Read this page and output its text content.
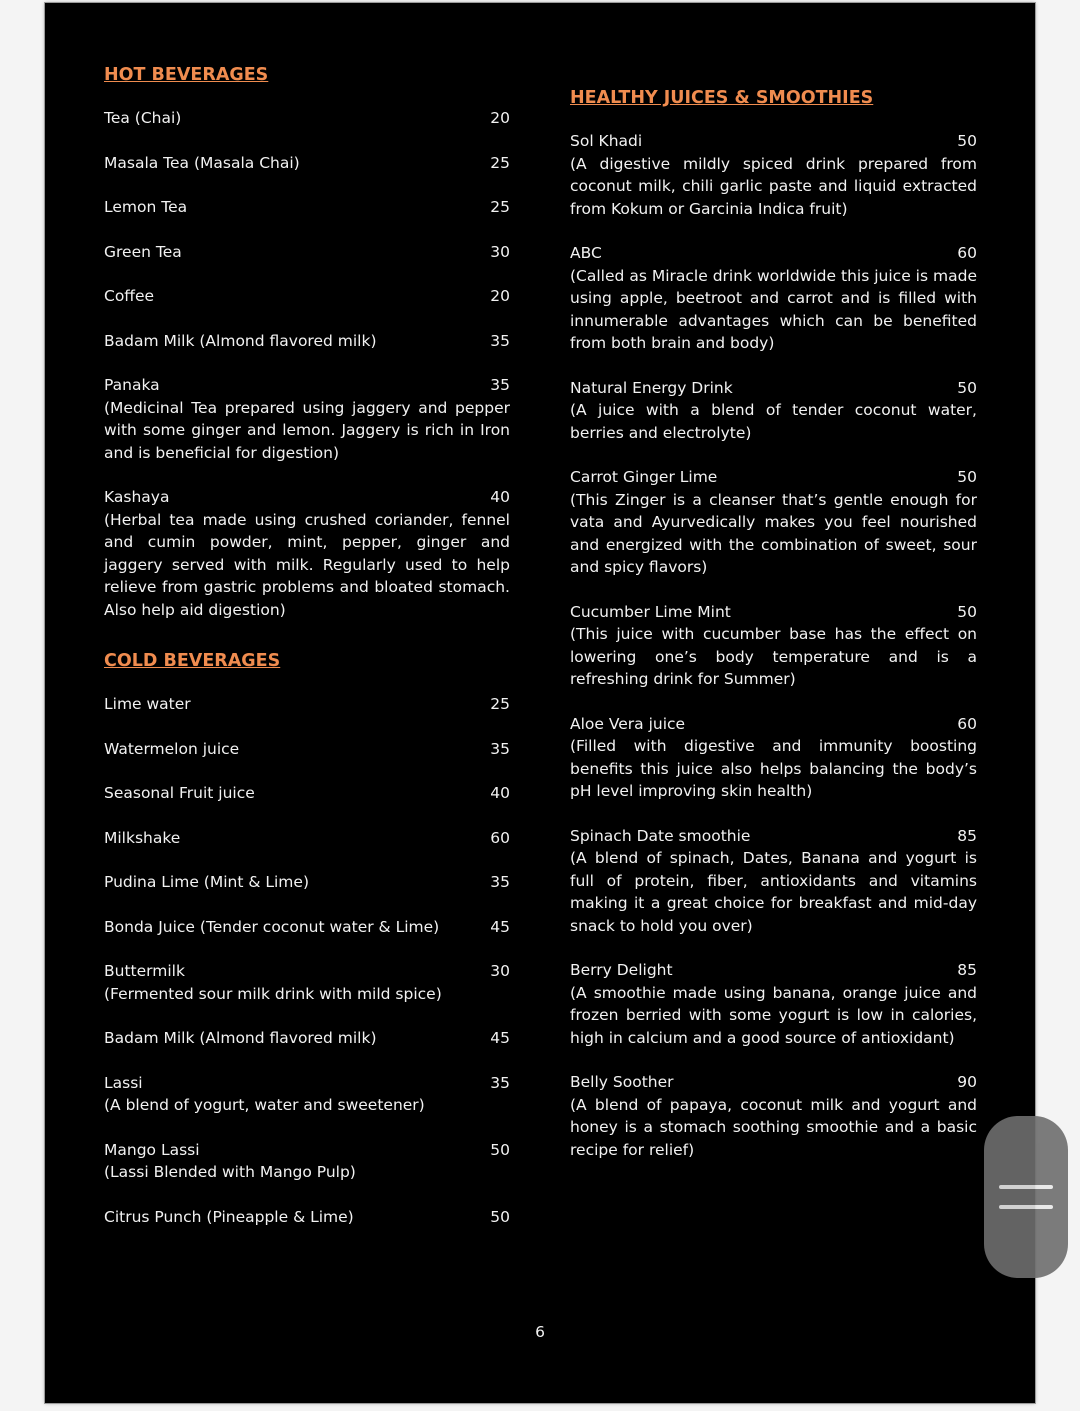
HOT BEVERAGES
Tea (Chai)	20
Masala Tea (Masala Chai)	25
Lemon Tea	25
Green Tea	30
Coffee	20
Badam Milk (Almond flavored milk)	35
Panaka	35
(Medicinal Tea prepared using jaggery and pepper with some ginger and lemon. Jaggery is rich in Iron and is beneficial for digestion)
Kashaya	40
(Herbal tea made using crushed coriander, fennel and cumin powder, mint, pepper, ginger and jaggery served with milk. Regularly used to help relieve from gastric problems and bloated stomach. Also help aid digestion)
COLD BEVERAGES
Lime water	25
Watermelon juice	35
Seasonal Fruit juice	40
Milkshake	60
Pudina Lime (Mint & Lime)	35
Bonda Juice (Tender coconut water & Lime)	45
Buttermilk	30
(Fermented sour milk drink with mild spice)
Badam Milk (Almond flavored milk)	45
Lassi	35
(A blend of yogurt, water and sweetener)
Mango Lassi	50
(Lassi Blended with Mango Pulp)
Citrus Punch (Pineapple & Lime)	50
HEALTHY JUICES & SMOOTHIES
Sol Khadi	50
(A digestive mildly spiced drink prepared from coconut milk, chili garlic paste and liquid extracted from Kokum or Garcinia Indica fruit)
ABC	60
(Called as Miracle drink worldwide this juice is made using apple, beetroot and carrot and is filled with innumerable advantages which can be benefited from both brain and body)
Natural Energy Drink	50
(A juice with a blend of tender coconut water, berries and electrolyte)
Carrot Ginger Lime	50
(This Zinger is a cleanser that’s gentle enough for vata and Ayurvedically makes you feel nourished and energized with the combination of sweet, sour and spicy flavors)
Cucumber Lime Mint	50
(This juice with cucumber base has the effect on lowering one’s body temperature and is a refreshing drink for Summer)
Aloe Vera juice	60
(Filled with digestive and immunity boosting benefits this juice also helps balancing the body’s pH level improving skin health)
Spinach Date smoothie	85
(A blend of spinach, Dates, Banana and yogurt is full of protein, fiber, antioxidants and vitamins making it a great choice for breakfast and mid-day snack to hold you over)
Berry Delight	85
(A smoothie made using banana, orange juice and frozen berried with some yogurt is low in calories, high in calcium and a good source of antioxidant)
Belly Soother	90
(A blend of papaya, coconut milk and yogurt and honey is a stomach soothing smoothie and a basic recipe for relief)
6
